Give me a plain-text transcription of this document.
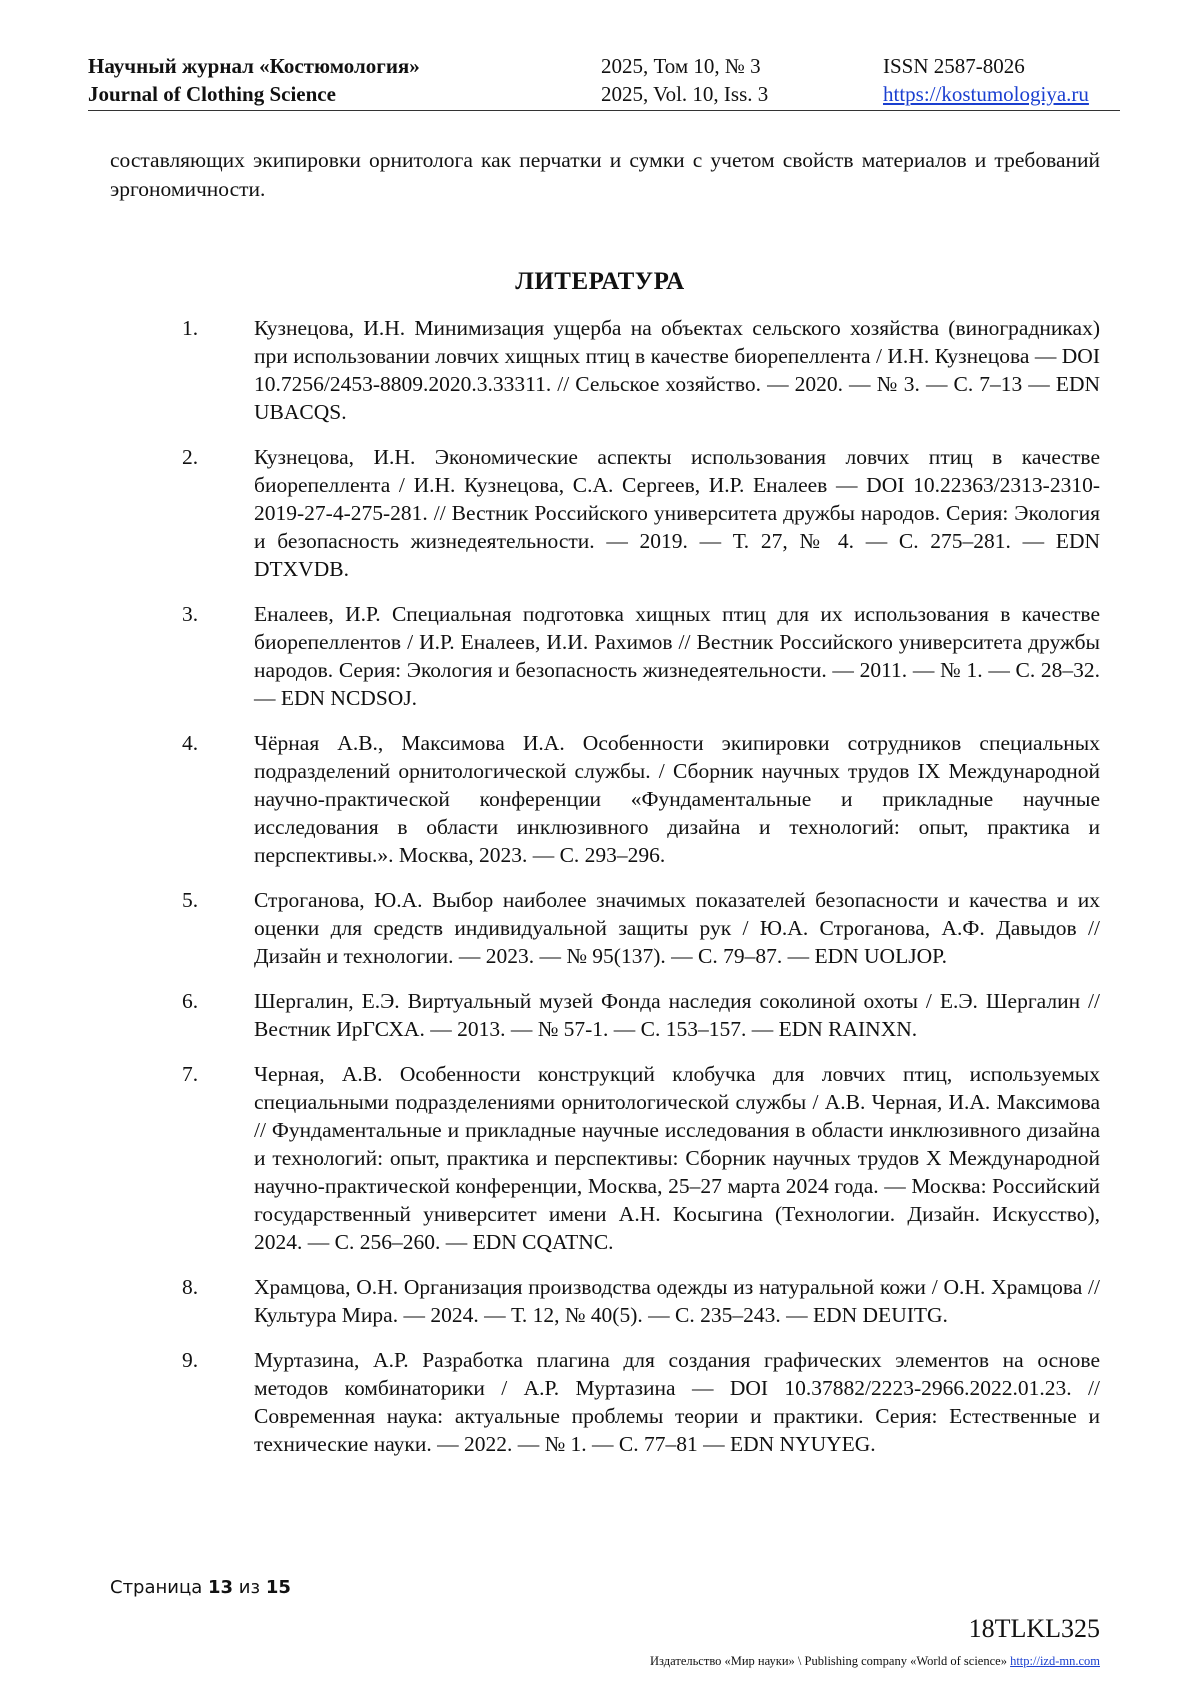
Научный журнал «Костюмология»
Journal of Clothing Science
2025, Том 10, № 3
2025, Vol. 10, Iss. 3
ISSN 2587-8026
https://kostumologiya.ru

составляющих экипировки орнитолога как перчатки и сумки с учетом свойств материалов и требований эргономичности.

ЛИТЕРАТУРА
1.	Кузнецова, И.Н. Минимизация ущерба на объектах сельского хозяйства (виноградниках) при использовании ловчих хищных птиц в качестве биорепеллента / И.Н. Кузнецова — DOI 10.7256/2453-8809.2020.3.33311. // Сельское хозяйство. — 2020. — № 3. — С. 7–13 — EDN UBACQS.
2.	Кузнецова, И.Н. Экономические аспекты использования ловчих птиц в качестве биорепеллента / И.Н. Кузнецова, С.А. Сергеев, И.Р. Еналеев — DOI 10.22363/2313-2310-2019-27-4-275-281. // Вестник Российского университета дружбы народов. Серия: Экология и безопасность жизнедеятельности. — 2019. — Т. 27, № 4. — С. 275–281. — EDN DTXVDB.
3.	Еналеев, И.Р. Специальная подготовка хищных птиц для их использования в качестве биорепеллентов / И.Р. Еналеев, И.И. Рахимов // Вестник Российского университета дружбы народов. Серия: Экология и безопасность жизнедеятельности. — 2011. — № 1. — С. 28–32. — EDN NCDSOJ.
4.	Чёрная А.В., Максимова И.А. Особенности экипировки сотрудников специальных подразделений орнитологической службы. / Сборник научных трудов IX Международной научно-практической конференции «Фундаментальные и прикладные научные исследования в области инклюзивного дизайна и технологий: опыт, практика и перспективы.». Москва, 2023. — С. 293–296.
5.	Строганова, Ю.А. Выбор наиболее значимых показателей безопасности и качества и их оценки для средств индивидуальной защиты рук / Ю.А. Строганова, А.Ф. Давыдов // Дизайн и технологии. — 2023. — № 95(137). — С. 79–87. — EDN UOLJOP.
6.	Шергалин, Е.Э. Виртуальный музей Фонда наследия соколиной охоты / Е.Э. Шергалин // Вестник ИрГСХА. — 2013. — № 57-1. — С. 153–157. — EDN RAINXN.
7.	Черная, А.В. Особенности конструкций клобучка для ловчих птиц, используемых специальными подразделениями орнитологической службы / А.В. Черная, И.А. Максимова // Фундаментальные и прикладные научные исследования в области инклюзивного дизайна и технологий: опыт, практика и перспективы: Сборник научных трудов X Международной научно-практической конференции, Москва, 25–27 марта 2024 года. — Москва: Российский государственный университет имени А.Н. Косыгина (Технологии. Дизайн. Искусство), 2024. — С. 256–260. — EDN CQATNC.
8.	Храмцова, О.Н. Организация производства одежды из натуральной кожи / О.Н. Храмцова // Культура Мира. — 2024. — Т. 12, № 40(5). — С. 235–243. — EDN DEUITG.
9.	Муртазина, А.Р. Разработка плагина для создания графических элементов на основе методов комбинаторики / А.Р. Муртазина — DOI 10.37882/2223-2966.2022.01.23. // Современная наука: актуальные проблемы теории и практики. Серия: Естественные и технические науки. — 2022. — № 1. — С. 77–81 — EDN NYUYEG.
Страница 13 из 15
18TLKL325
Издательство «Мир науки» \ Publishing company «World of science» http://izd-mn.com
